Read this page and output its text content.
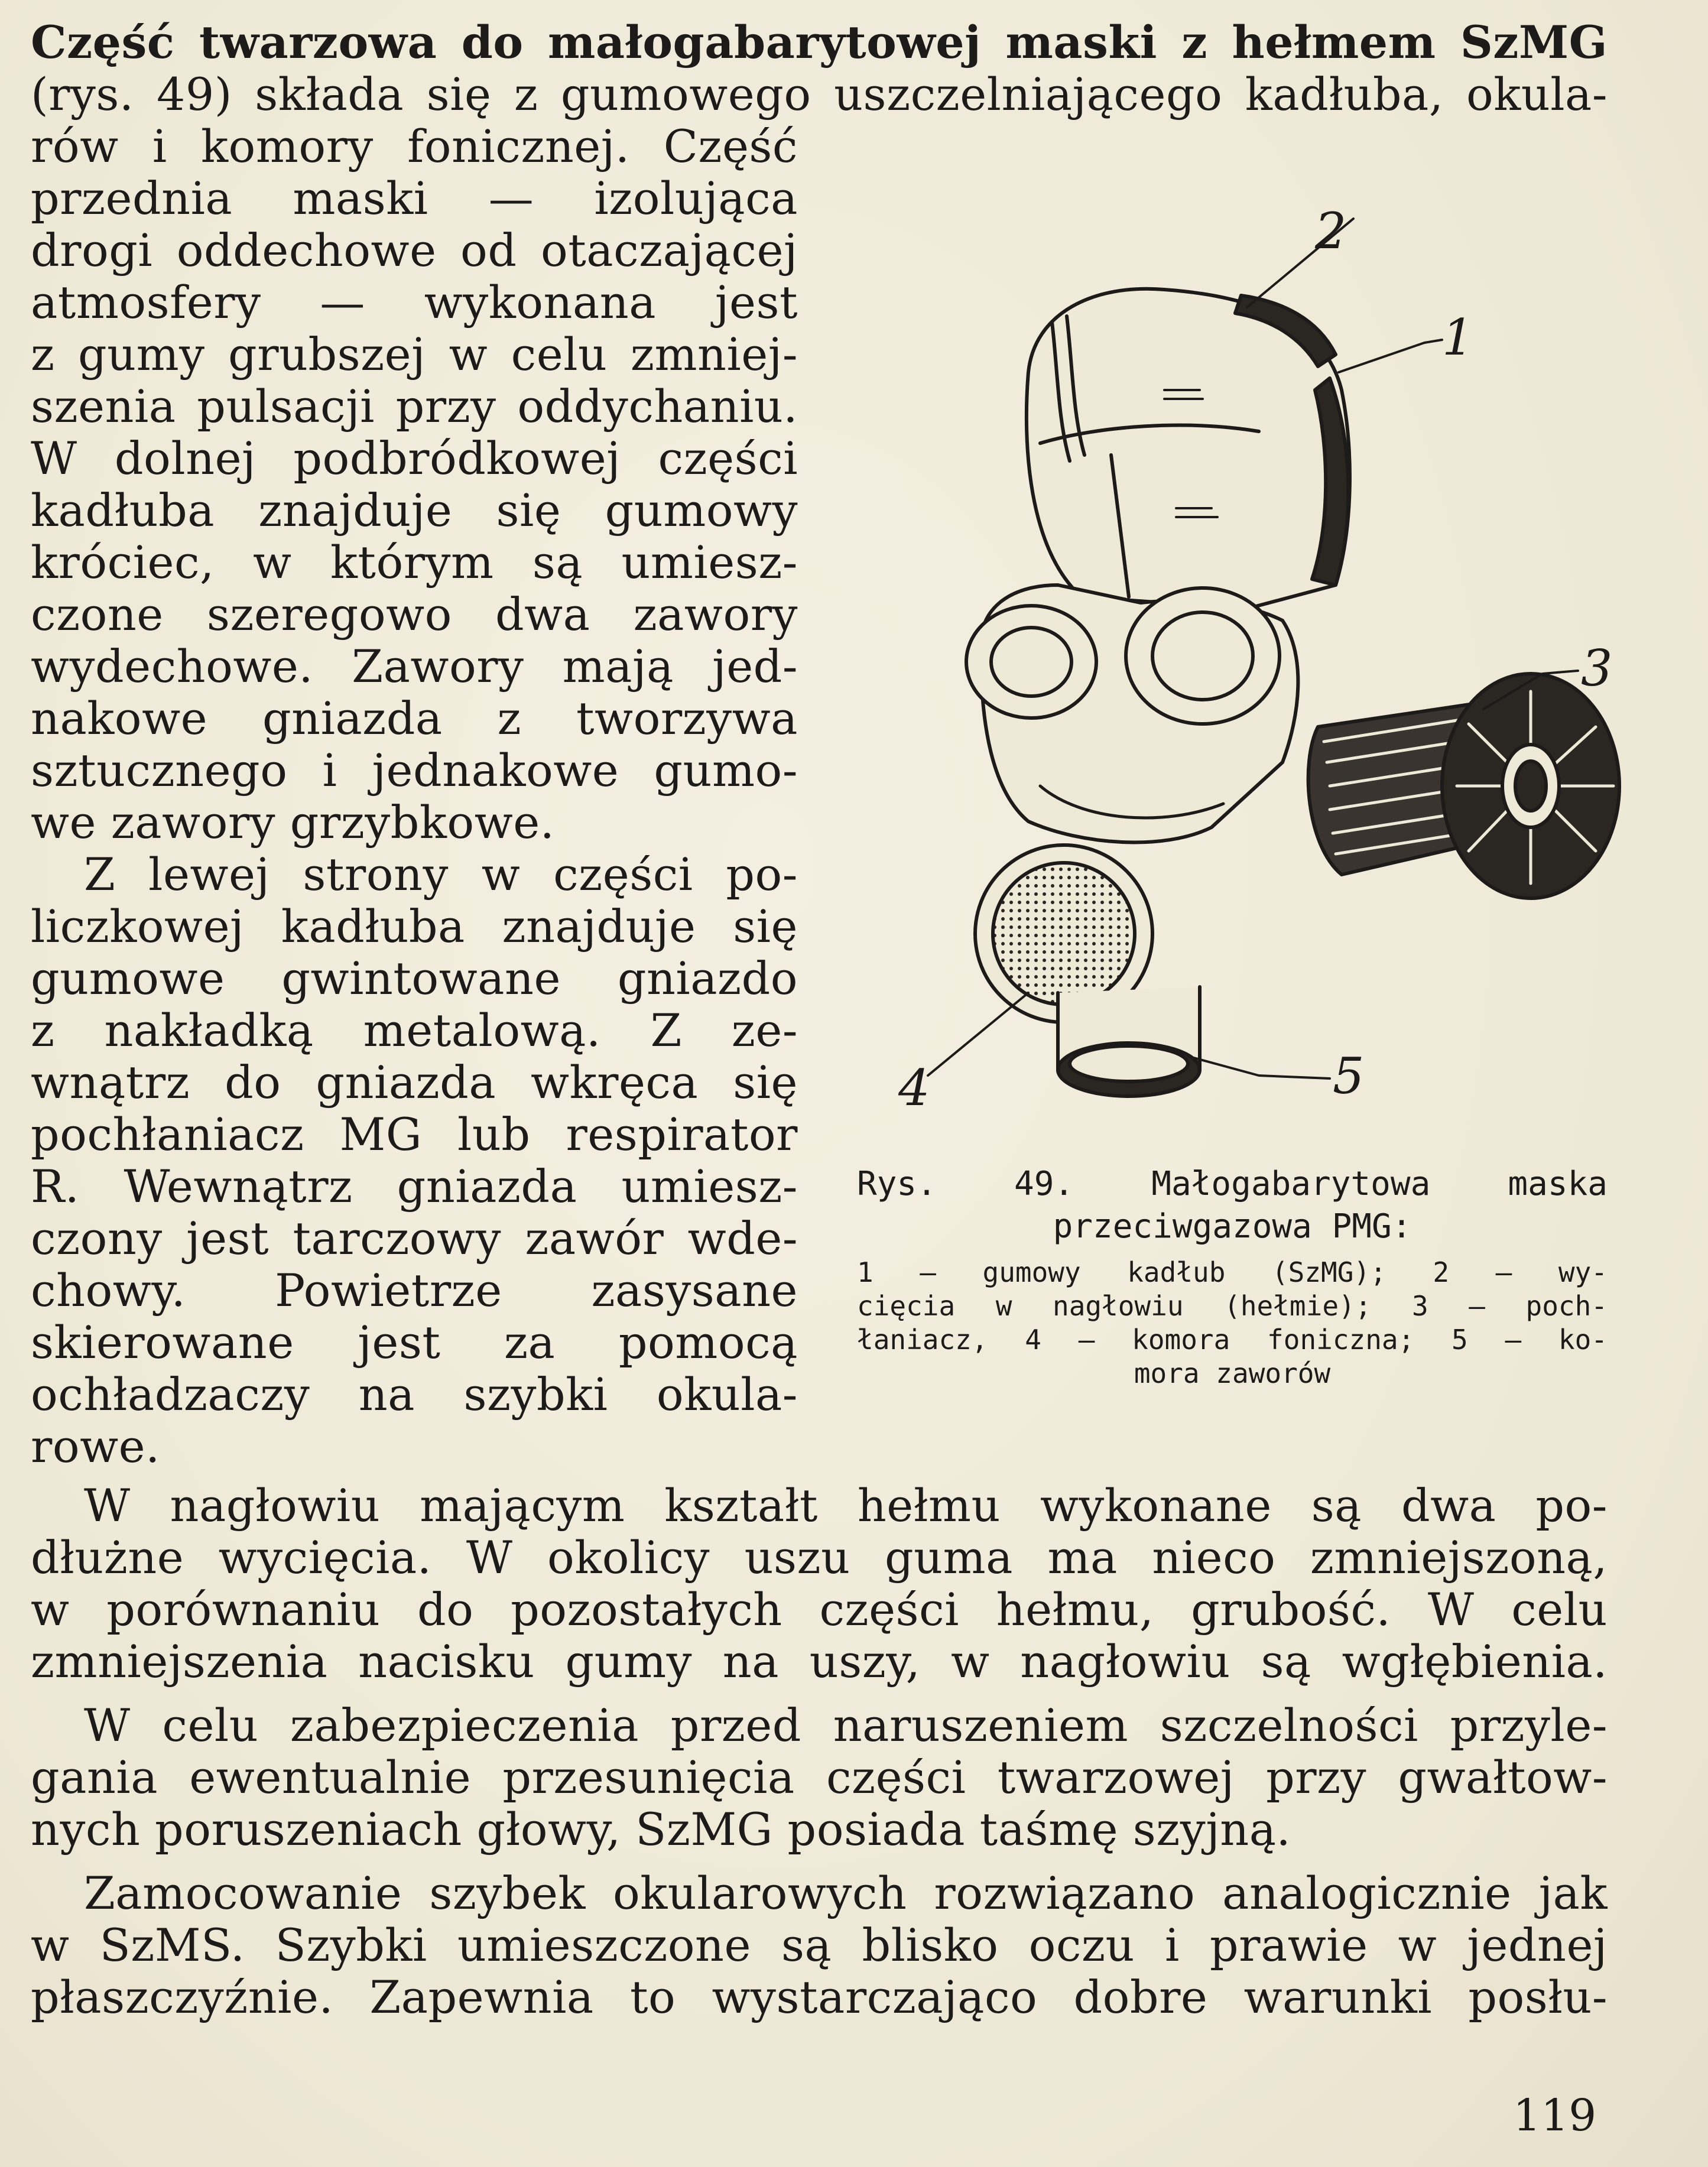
Część twarzowa do małogabarytowej maski z hełmem SzMG
(rys. 49) składa się z gumowego uszczelniającego kadłuba, okula-
rów i komory fonicznej. Część
przednia maski — izolująca
drogi oddechowe od otaczającej
atmosfery — wykonana jest
z gumy grubszej w celu zmniej-
szenia pulsacji przy oddychaniu.
W dolnej podbródkowej części
kadłuba znajduje się gumowy
króciec, w którym są umiesz-
czone szeregowo dwa zawory
wydechowe. Zawory mają jed-
nakowe gniazda z tworzywa
sztucznego i jednakowe gumo-
we zawory grzybkowe.
Z lewej strony w części po-
liczkowej kadłuba znajduje się
gumowe gwintowane gniazdo
z nakładką metalową. Z ze-
wnątrz do gniazda wkręca się
pochłaniacz MG lub respirator
R. Wewnątrz gniazda umiesz-
czony jest tarczowy zawór wde-
chowy. Powietrze zasysane
skierowane jest za pomocą
ochładzaczy na szybki okula-
rowe.
W nagłowiu mającym kształt hełmu wykonane są dwa po-
dłużne wycięcia. W okolicy uszu guma ma nieco zmniejszoną,
w porównaniu do pozostałych części hełmu, grubość. W celu
zmniejszenia nacisku gumy na uszy, w nagłowiu są wgłębienia.
W celu zabezpieczenia przed naruszeniem szczelności przyle-
gania ewentualnie przesunięcia części twarzowej przy gwałtow-
nych poruszeniach głowy, SzMG posiada taśmę szyjną.
Zamocowanie szybek okularowych rozwiązano analogicznie jak
w SzMS. Szybki umieszczone są blisko oczu i prawie w jednej
płaszczyźnie. Zapewnia to wystarczająco dobre warunki posłu-
1
2
3
4	5
Rys. 49. Małogabarytowa maska
przeciwgazowa PMG:
1 — gumowy kadłub (SzMG); 2 — wy-
cięcia w nagłowiu (hełmie); 3 — poch-
łaniacz, 4 — komora foniczna; 5 — ko-
mora zaworów
119
